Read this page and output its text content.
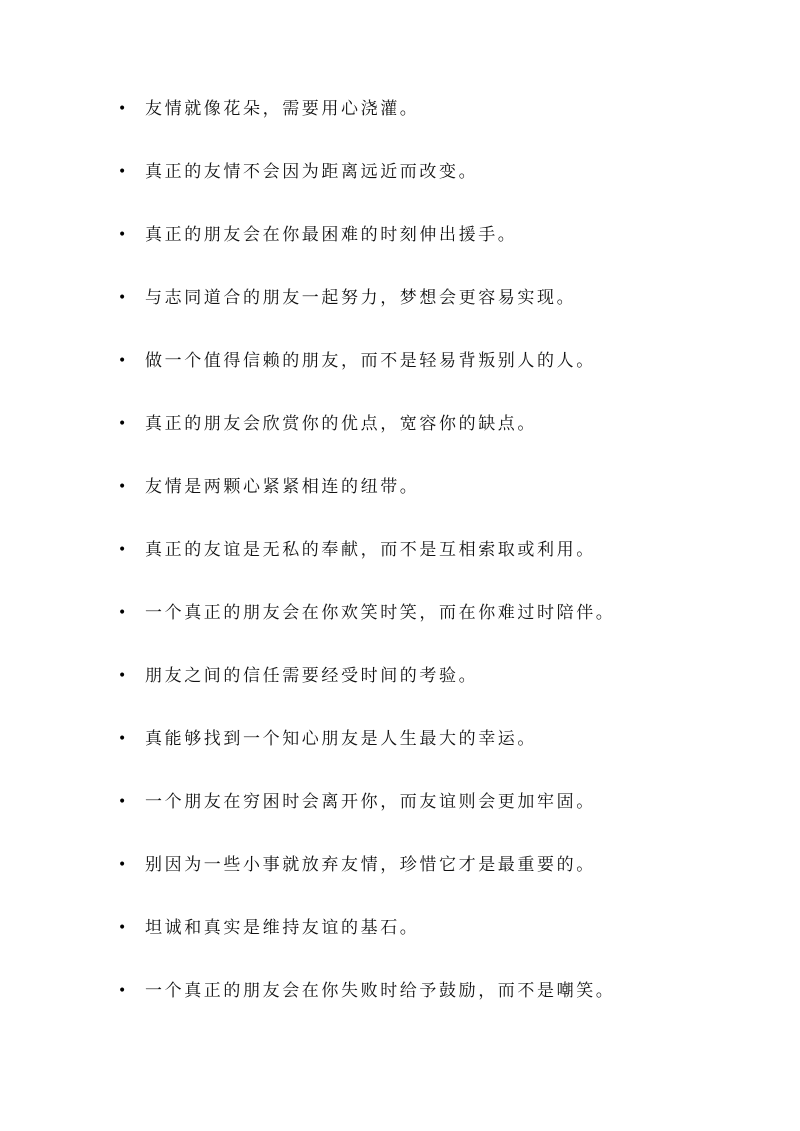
•	友情就像花朵，需要用心浇灌。
•	真正的友情不会因为距离远近而改变。
•	真正的朋友会在你最困难的时刻伸出援手。
•	与志同道合的朋友一起努力，梦想会更容易实现。
•	做一个值得信赖的朋友，而不是轻易背叛别人的人。
•	真正的朋友会欣赏你的优点，宽容你的缺点。
•	友情是两颗心紧紧相连的纽带。
•	真正的友谊是无私的奉献，而不是互相索取或利用。
•	一个真正的朋友会在你欢笑时笑，而在你难过时陪伴。
•	朋友之间的信任需要经受时间的考验。
•	真能够找到一个知心朋友是人生最大的幸运。
•	一个朋友在穷困时会离开你，而友谊则会更加牢固。
•	别因为一些小事就放弃友情，珍惜它才是最重要的。
•	坦诚和真实是维持友谊的基石。
•	一个真正的朋友会在你失败时给予鼓励，而不是嘲笑。
